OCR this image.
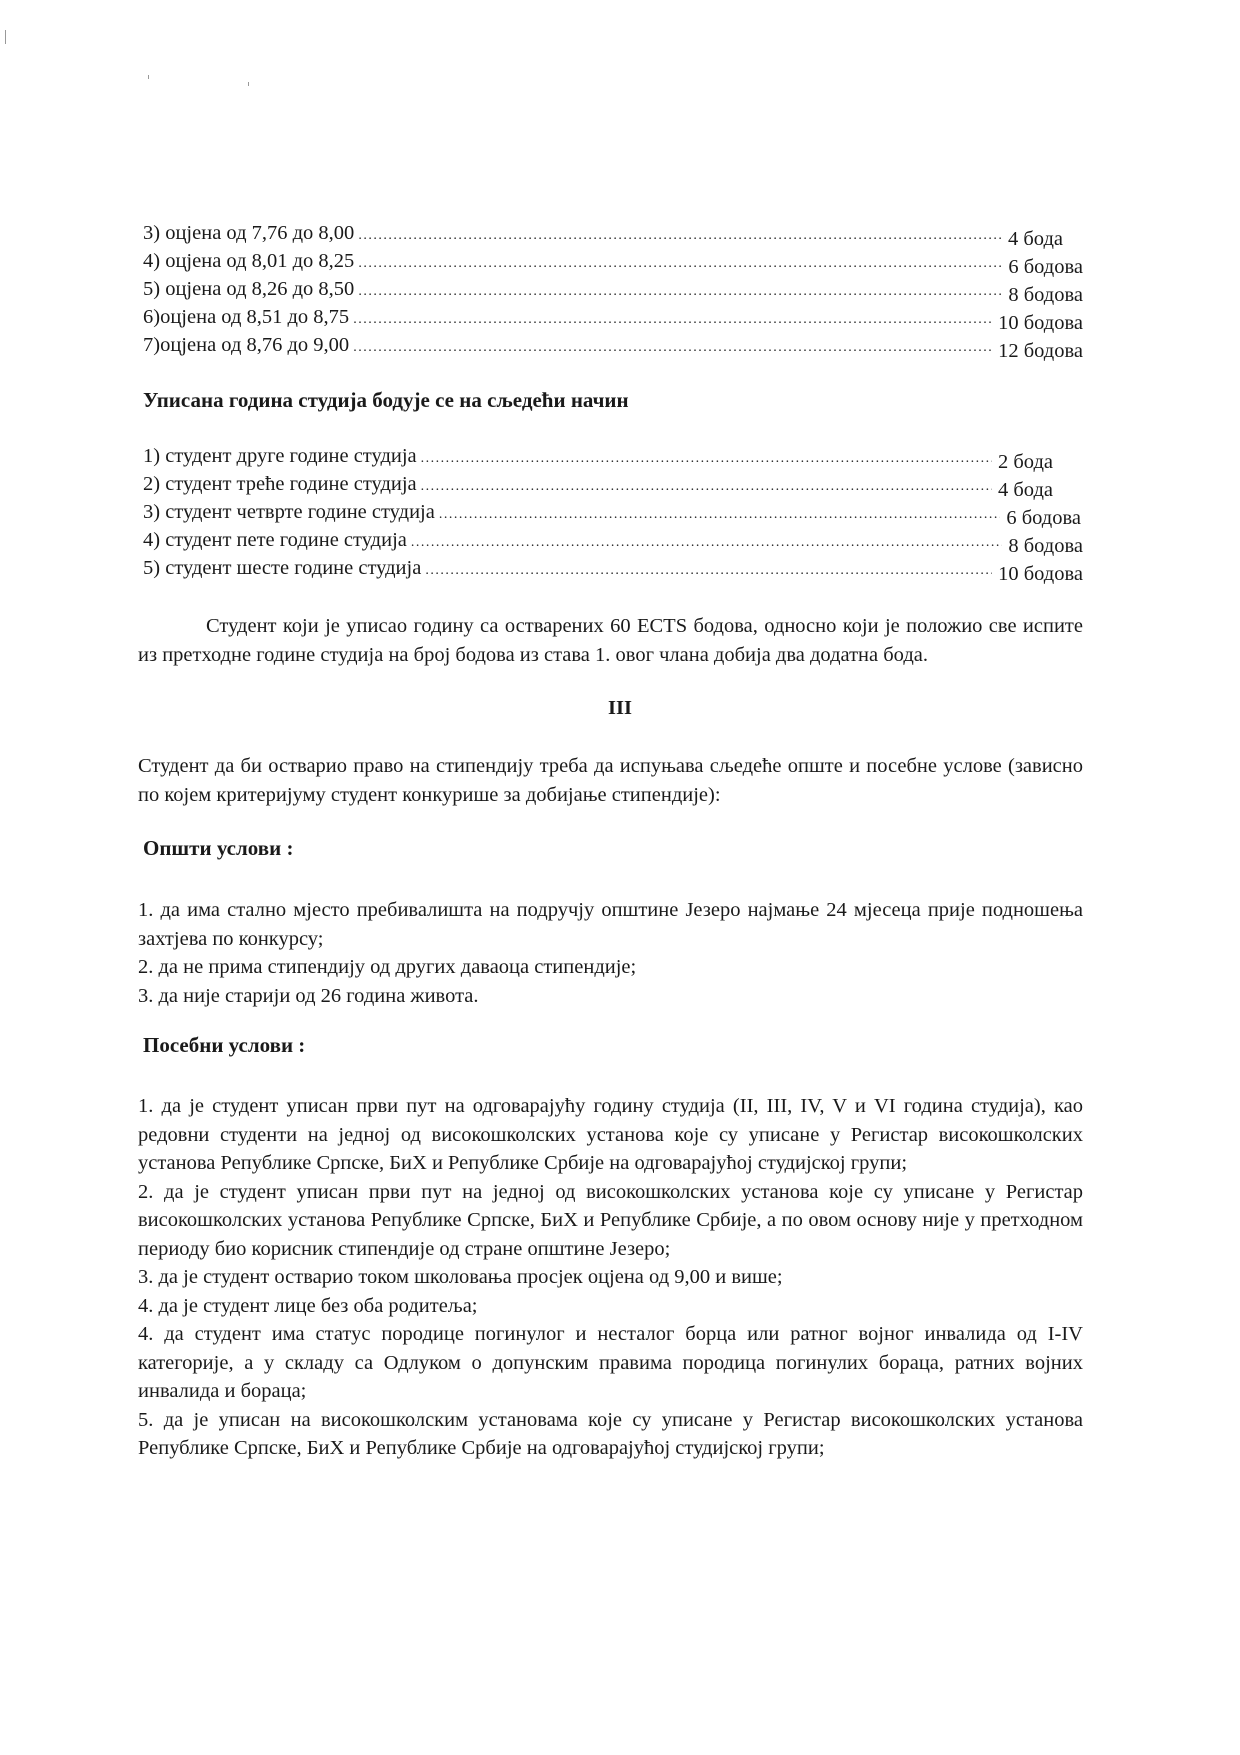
3) оцјена од 7,76 до 8,00 .....	4 бода
4) оцјена од 8,01 до 8,25 .....	6 бодова
5) оцјена од 8,26 до 8,50 .....	8 бодова
6)оцјена од 8,51 до 8,75 .....	10 бодова
7)оцјена од 8,76 до 9,00 .....	12 бодова
Уписана година студија бодује се на сљедећи начин
1) студент друге године студија .....	2 бода
2) студент треће године студија .....	4 бода
3) студент четврте године студија .....	6 бодова
4) студент пете године студија .....	8 бодова
5) студент шесте године студија .....	10 бодова

Студент који је уписао годину са остварених 60 ECTS бодова, односно који је положио све испите из претходне године студија на број бодова из става 1. овог члана добија два додатна бода.

III

Студент да би остварио право на стипендију треба да испуњава сљедеће опште и посебне услове (зависно по којем критеријуму студент конкурише за добијање стипендије):

Општи услови :

1. да има стално мјесто пребивалишта на подручју општине Језеро најмање 24 мјесеца прије подношења захтјева по конкурсу;

2. да не прима стипендију од других даваоца стипендије;

3. да није старији од 26 година живота.

Посебни услови :

1. да је студент уписан први пут на одговарајућу годину студија (II, III, IV, V и VI година студија), као редовни студенти на једној од високошколских установа које су уписане у Регистар високошколских установа Републике Српске, БиХ и Републике Србије на одговарајућој студијској групи;

2. да је студент уписан први пут на једној од високошколских установа које су уписане у Регистар високошколских установа Републике Српске, БиХ и Републике Србије, а по овом основу није у претходном периоду био корисник стипендије од стране општине Језеро;

3. да је студент остварио током школовања просјек оцјена од 9,00 и више;

4. да је студент лице без оба родитеља;

4. да студент има статус породице погинулог и несталог борца или ратног војног инвалида од I-IV категорије, а у складу са Одлуком о допунским правима породица погинулих бораца, ратних војних инвалида и бораца;

5. да је уписан на високошколским установама које су уписане у Регистар високошколских установа Републике Српске, БиХ и Републике Србије на одговарајућој студијској групи;
